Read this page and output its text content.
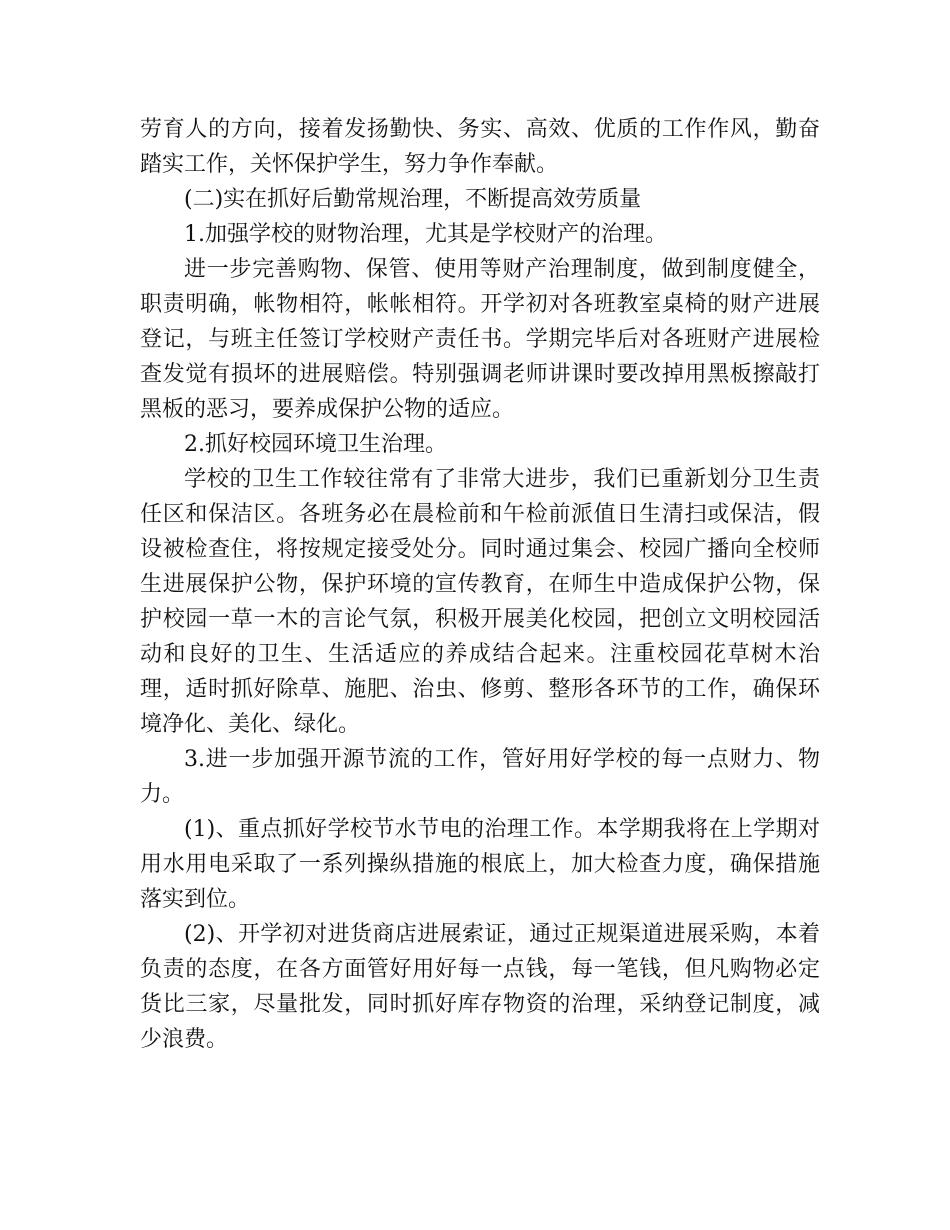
劳育人的方向，接着发扬勤快、务实、高效、优质的工作作风，勤奋踏实工作，关怀保护学生，努力争作奉献。

(二)实在抓好后勤常规治理，不断提高效劳质量

1.加强学校的财物治理，尤其是学校财产的治理。

进一步完善购物、保管、使用等财产治理制度，做到制度健全，职责明确，帐物相符，帐帐相符。开学初对各班教室桌椅的财产进展登记，与班主任签订学校财产责任书。学期完毕后对各班财产进展检查发觉有损坏的进展赔偿。特别强调老师讲课时要改掉用黑板擦敲打黑板的恶习，要养成保护公物的适应。

2.抓好校园环境卫生治理。

学校的卫生工作较往常有了非常大进步，我们已重新划分卫生责任区和保洁区。各班务必在晨检前和午检前派值日生清扫或保洁，假设被检查住，将按规定接受处分。同时通过集会、校园广播向全校师生进展保护公物，保护环境的宣传教育，在师生中造成保护公物，保护校园一草一木的言论气氛，积极开展美化校园，把创立文明校园活动和良好的卫生、生活适应的养成结合起来。注重校园花草树木治理，适时抓好除草、施肥、治虫、修剪、整形各环节的工作，确保环境净化、美化、绿化。

3.进一步加强开源节流的工作，管好用好学校的每一点财力、物力。

(1)、重点抓好学校节水节电的治理工作。本学期我将在上学期对用水用电采取了一系列操纵措施的根底上，加大检查力度，确保措施落实到位。

(2)、开学初对进货商店进展索证，通过正规渠道进展采购，本着负责的态度，在各方面管好用好每一点钱，每一笔钱，但凡购物必定货比三家，尽量批发，同时抓好库存物资的治理，采纳登记制度，减少浪费。
